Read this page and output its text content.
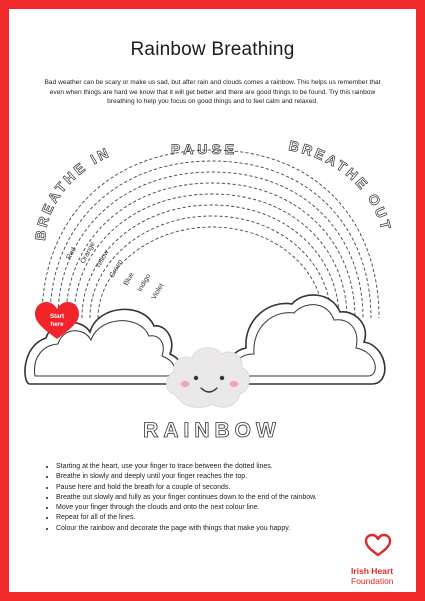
Rainbow Breathing
Bad weather can be scary or make us sad, but after rain and clouds comes a rainbow. This helps us remember that even when things are hard we know that it will get better and there are good things to be found. Try this rainbow breathing to help you focus on good things and to feel calm and relaxed.
BREATHE IN	BREATHE OUT
PAUSE
Red Orange
Yellow
Green
Blue Indigo
Violet
Start
here
RAINBOW
• Starting at the heart, use your finger to trace between the dotted lines.
• Breathe in slowly and deeply until your finger reaches the top.
• Pause here and hold the breath for a couple of seconds.
• Breathe out slowly and fully as your finger continues down to the end of the rainbow.
• Move your finger through the clouds and onto the next colour line.
• Repeat for all of the lines.
• Colour the rainbow and decorate the page with things that make you happy.
Irish Heart
Foundation
